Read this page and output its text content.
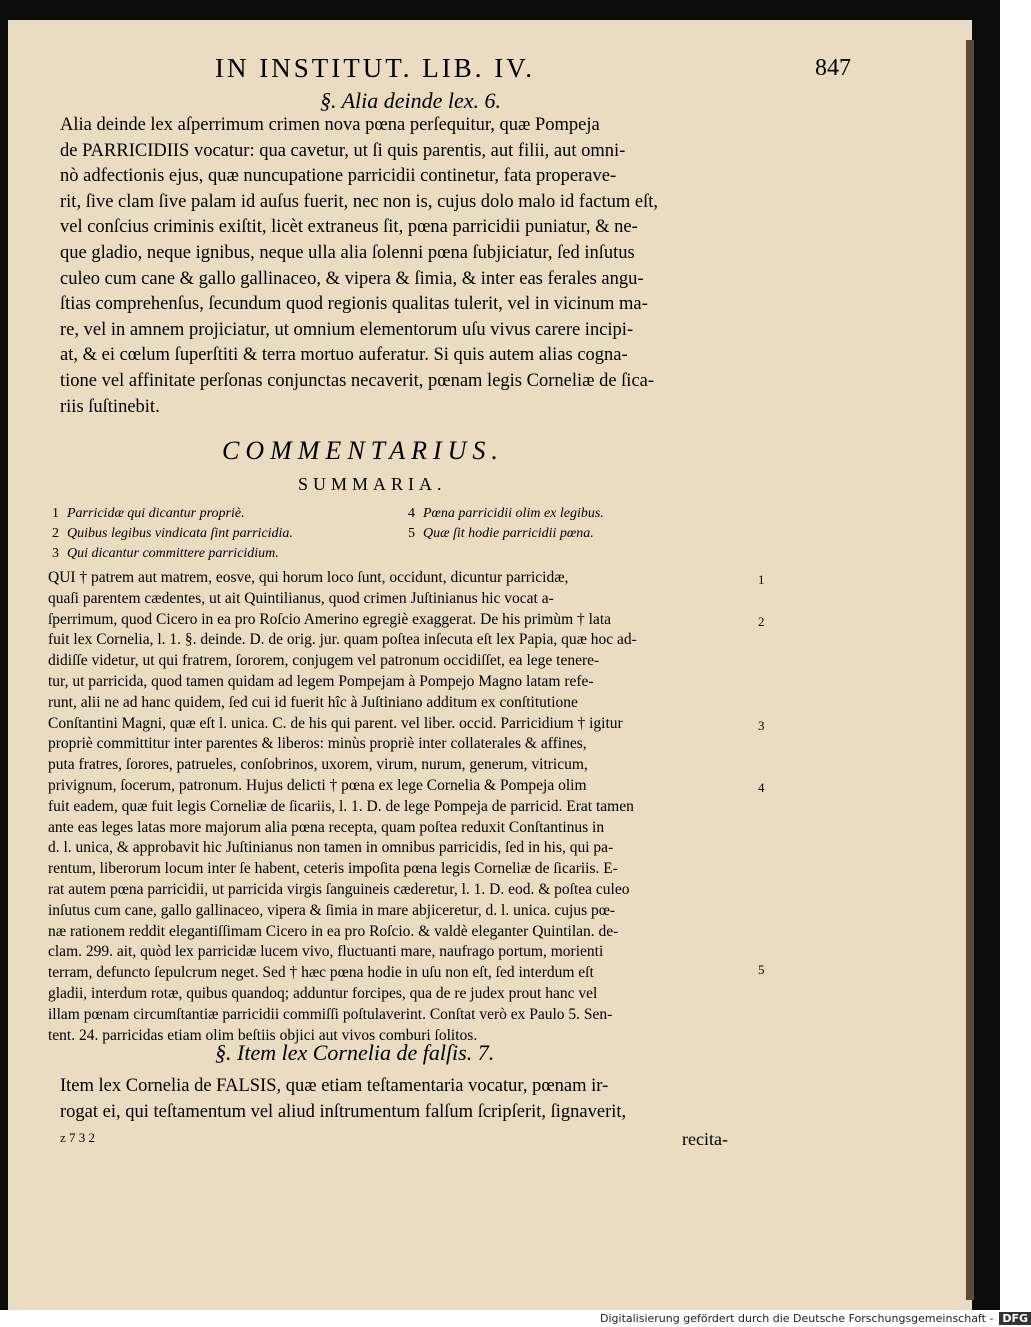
IN INSTITUT. LIB. IV.	847
§. Alia deinde lex. 6.
Alia deinde lex aſperrimum crimen nova pœna perſequitur, quæ Pompeja
de PARRICIDIIS vocatur: qua cavetur, ut ſi quis parentis, aut filii, aut omni-
nò adfectionis ejus, quæ nuncupatione parricidii continetur, fata properave-
rit, ſive clam ſive palam id auſus fuerit, nec non is, cujus dolo malo id factum eſt,
vel conſcius criminis exiſtit, licèt extraneus ſit, pœna parricidii puniatur, & ne-
que gladio, neque ignibus, neque ulla alia ſolenni pœna ſubjiciatur, ſed inſutus
culeo cum cane & gallo gallinaceo, & vipera & ſimia, & inter eas ferales angu-
ſtias comprehenſus, ſecundum quod regionis qualitas tulerit, vel in vicinum ma-
re, vel in amnem projiciatur, ut omnium elementorum uſu vivus carere incipi-
at, & ei cœlum ſuperſtiti & terra mortuo auferatur. Si quis autem alias cogna-
tione vel affinitate perſonas conjunctas necaverit, pœnam legis Corneliæ de ſica-
riis ſuſtinebit.
COMMENTARIUS.
SUMMARIA.
1 Parricidæ qui dicantur propriè.
2 Quibus legibus vindicata ſint parricidia.
3 Qui dicantur committere parricidium.
4 Pœna parricidii olim ex legibus.
5 Quæ ſit hodie parricidii pœna.
QUI † patrem aut matrem, eosve, qui horum loco ſunt, occidunt, dicuntur parricidæ,
quaſi parentem cædentes, ut ait Quintilianus, quod crimen Juſtinianus hic vocat a-
ſperrimum, quod Cicero in ea pro Roſcio Amerino egregiè exaggerat. De his primùm † lata
fuit lex Cornelia, l. 1. §. deinde. D. de orig. jur. quam poſtea inſecuta eſt lex Papia, quæ hoc ad-
didiſſe videtur, ut qui fratrem, ſororem, conjugem vel patronum occidiſſet, ea lege tenere-
tur, ut parricida, quod tamen quidam ad legem Pompejam à Pompejo Magno latam refe-
runt, alii ne ad hanc quidem, ſed cui id fuerit hîc à Juſtiniano additum ex conſtitutione
Conſtantini Magni, quæ eſt l. unica. C. de his qui parent. vel liber. occid. Parricidium † igitur
propriè committitur inter parentes & liberos: minùs propriè inter collaterales & affines,
puta fratres, ſorores, patrueles, conſobrinos, uxorem, virum, nurum, generum, vitricum,
privignum, ſocerum, patronum. Hujus delicti † pœna ex lege Cornelia & Pompeja olim
fuit eadem, quæ fuit legis Corneliæ de ſicariis, l. 1. D. de lege Pompeja de parricid. Erat tamen
ante eas leges latas more majorum alia pœna recepta, quam poſtea reduxit Conſtantinus in
d. l. unica, & approbavit hic Juſtinianus non tamen in omnibus parricidis, ſed in his, qui pa-
rentum, liberorum locum inter ſe habent, ceteris impoſita pœna legis Corneliæ de ſicariis. E-
rat autem pœna parricidii, ut parricida virgis ſanguineis cæderetur, l. 1. D. eod. & poſtea culeo
inſutus cum cane, gallo gallinaceo, vipera & ſimia in mare abjiceretur, d. l. unica. cujus pœ-
næ rationem reddit elegantiſſimam Cicero in ea pro Roſcio. & valdè eleganter Quintilan. de-
clam. 299. ait, quòd lex parricidæ lucem vivo, fluctuanti mare, naufrago portum, morienti
terram, defuncto ſepulcrum neget. Sed † hæc pœna hodie in uſu non eſt, ſed interdum eſt
gladii, interdum rotæ, quibus quandoq; adduntur forcipes, qua de re judex prout hanc vel
illam pœnam circumſtantiæ parricidii commiſſi poſtulaverint. Conſtat verò ex Paulo 5. Sen-
tent. 24. parricidas etiam olim beſtiis objici aut vivos comburi ſolitos.
1
2
3
4
5
§. Item lex Cornelia de falſis. 7.
Item lex Cornelia de FALSIS, quæ etiam teſtamentaria vocatur, pœnam ir-
rogat ei, qui teſtamentum vel aliud inſtrumentum falſum ſcripſerit, ſignaverit,
z 7 3 2	recita-
Digitalisierung gefördert durch die Deutsche Forschungsgemeinschaft - DFG
